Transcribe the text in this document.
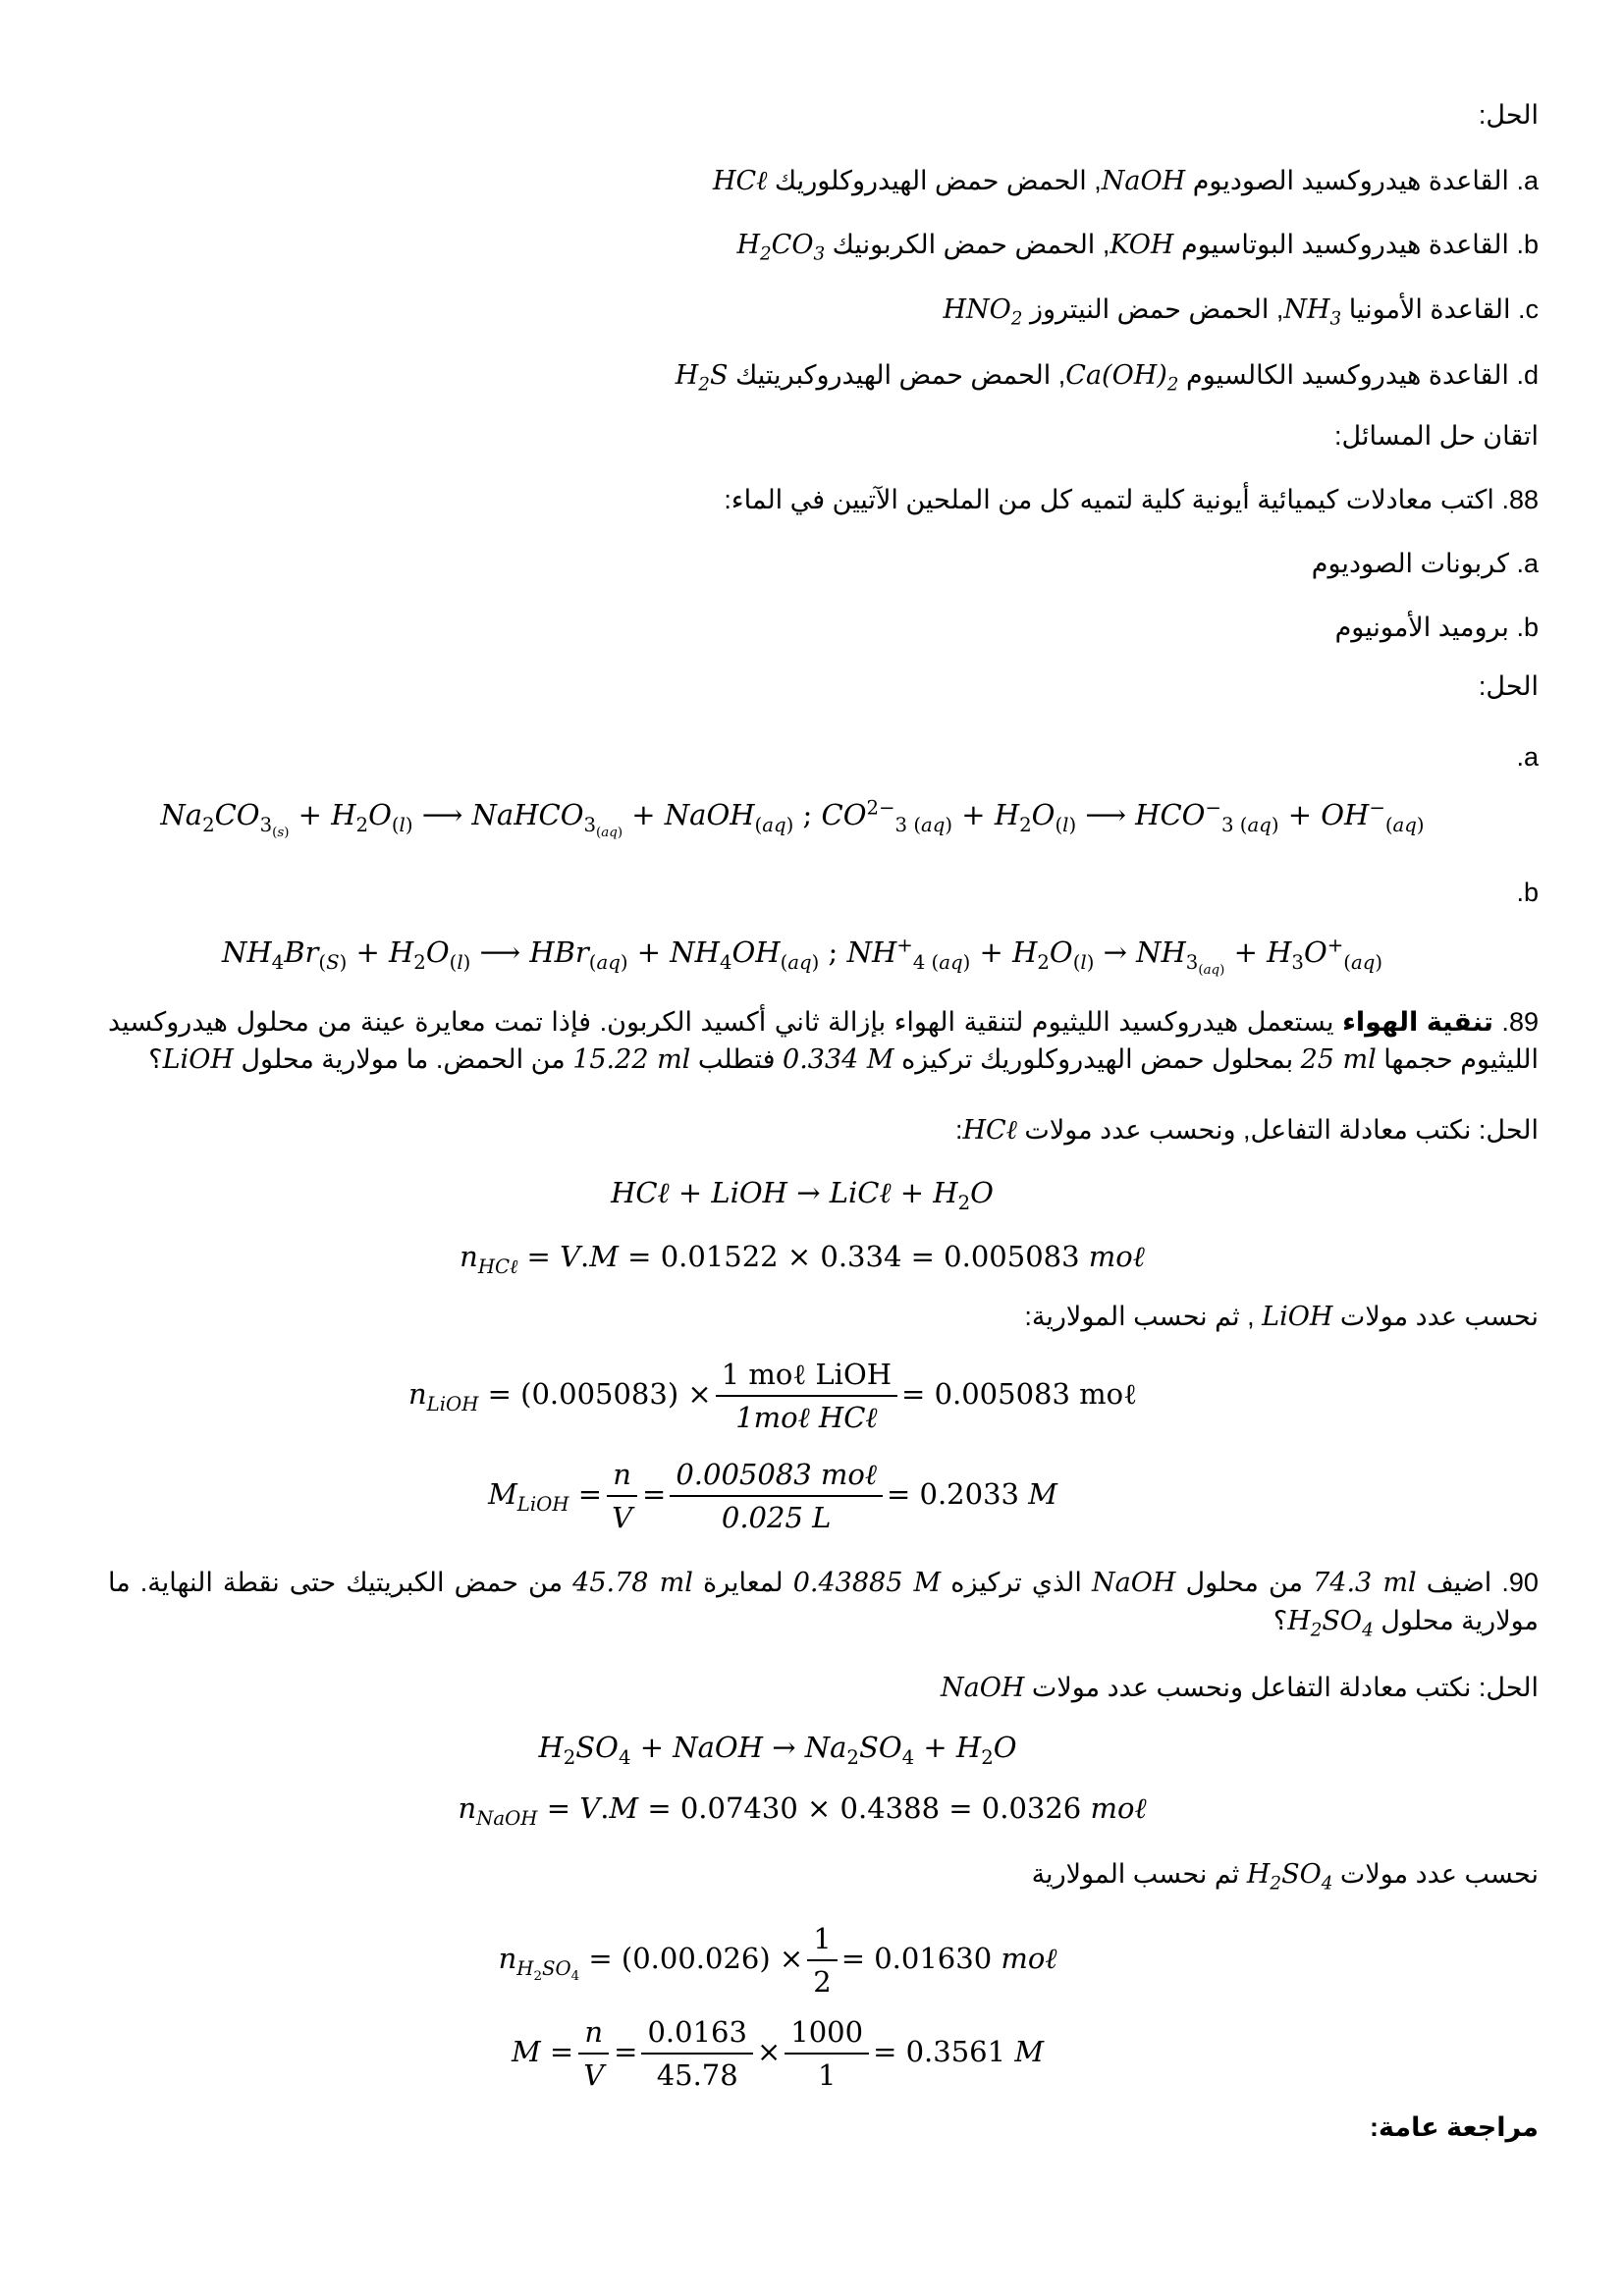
الحل:
a. القاعدة هيدروكسيد الصوديوم NaOH, الحمض حمض الهيدروكلوريك HCℓ
b. القاعدة هيدروكسيد البوتاسيوم KOH, الحمض حمض الكربونيك $H_2CO_3$
c. القاعدة الأمونيا $NH_3$, الحمض حمض النيتروز $HNO_2$
d. القاعدة هيدروكسيد الكالسيوم $Ca(OH)_2$, الحمض حمض الهيدروكبريتيك $H_2S$
اتقان حل المسائل:
88. اكتب معادلات كيميائية أيونية كلية لتميه كل من الملحين الآتيين في الماء:
a. كربونات الصوديوم
b. بروميد الأمونيوم
الحل:
a.
$Na_2CO_{3_{(s)}} + H_2O_{(l)}$ ⟶ NaHCO$_{3_{(aq)}}$ + NaOH$_{(aq)}$ ; $CO^{2-}_3$ $_{(aq)} + H_2O_{(l)}$ ⟶ $HCO^-_3$ $_{(aq)} + OH^-_{(aq)}$
b.
$NH_4Br_{(S)} + H_2O_{(l)}$ ⟶ $HBr_{(aq)} + NH_4OH_{(aq)}$ ; $NH^+_4$ $_{(aq)} + H_2O_{(l)} \to NH_{3_{(aq)}} + H_3O^+_{(aq)}$
89. تنقية الهواء يستعمل هيدروكسيد الليثيوم لتنقية الهواء بإزالة ثاني أكسيد الكربون. فإذا تمت معايرة عينة من محلول هيدروكسيد الليثيوم حجمها 25 ml بمحلول حمض الهيدروكلوريك تركيزه 0.334 M فتطلب 15.22 ml من الحمض. ما مولارية محلول LiOH؟
الحل: نكتب معادلة التفاعل, ونحسب عدد مولات HCℓ:
HCℓ + LiOH → LiCℓ + $H_2O$
$n_{HC\ell} = V.M = 0.01522 \times 0.334 = 0.005083$ moℓ
نحسب عدد مولات LiOH , ثم نحسب المولارية:
$n_{LiOH} = (0.005083) \times \frac{\text{1 moℓ LiOH}}{\text{1moℓ HCℓ}} = 0.005083$ moℓ
$M_{LiOH} = \frac{n}{V} = \frac{\text{0.005083 moℓ}}{0.025 L} = 0.2033$ M
90. اضيف 74.3 ml من محلول NaOH الذي تركيزه 0.43885 M لمعايرة 45.78 ml من حمض الكبريتيك حتى نقطة النهاية. ما مولارية محلول $H_2SO_4؟$
الحل: نكتب معادلة التفاعل ونحسب عدد مولات NaOH
$H_2SO_4$ + NaOH → $Na_2SO_4 + H_2O$
$n_{NaOH} = V.M = 0.07430 \times 0.4388 = 0.0326$ moℓ
نحسب عدد مولات $H_2SO_4$ ثم نحسب المولارية
$n_{H_2SO_4} = (0.00.026) \times \frac{1}{2} = 0.01630$ moℓ
$M = \frac{n}{V} = \frac{0.0163}{45.78} \times \frac{1000}{1} = 0.3561$ M
مراجعة عامة:
